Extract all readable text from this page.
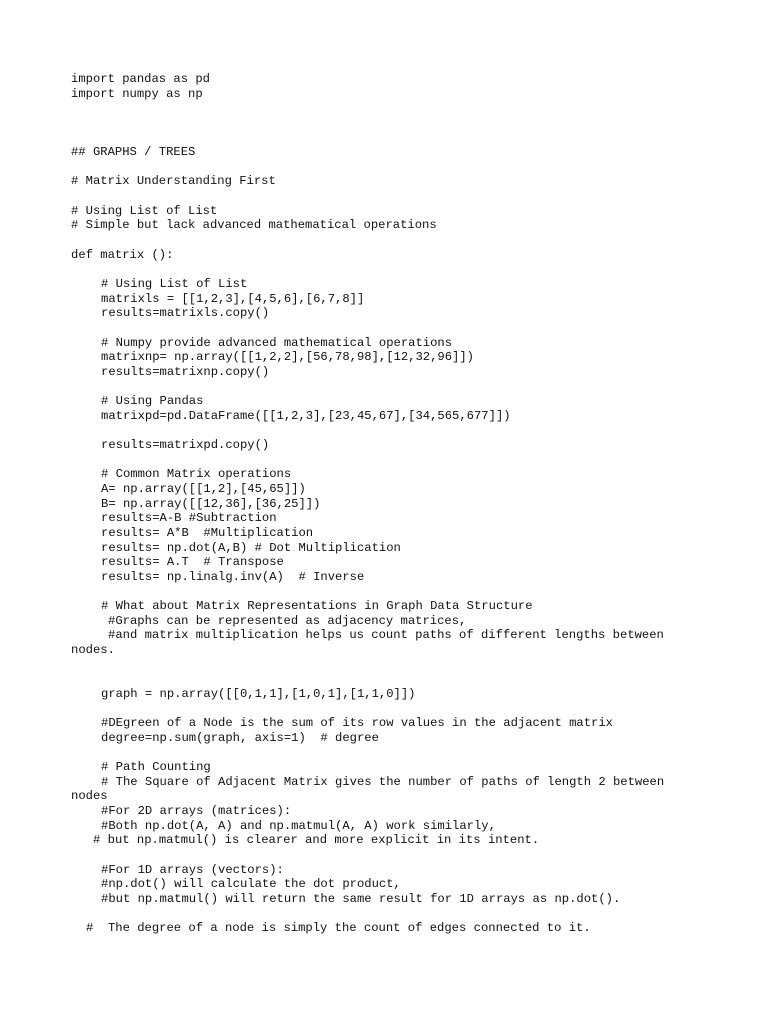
import pandas as pd
import numpy as np
## GRAPHS / TREES
# Matrix Understanding First
# Using List of List
# Simple but lack advanced mathematical operations
def matrix ():
# Using List of List
matrixls = [[1,2,3],[4,5,6],[6,7,8]]
results=matrixls.copy()
# Numpy provide advanced mathematical operations
matrixnp= np.array([[1,2,2],[56,78,98],[12,32,96]])
results=matrixnp.copy()
# Using Pandas
matrixpd=pd.DataFrame([[1,2,3],[23,45,67],[34,565,677]])
results=matrixpd.copy()
# Common Matrix operations
A= np.array([[1,2],[45,65]])
B= np.array([[12,36],[36,25]])
results=A-B #Subtraction
results= A*B  #Multiplication
results= np.dot(A,B) # Dot Multiplication
results= A.T  # Transpose
results= np.linalg.inv(A)  # Inverse
# What about Matrix Representations in Graph Data Structure
#Graphs can be represented as adjacency matrices,
#and matrix multiplication helps us count paths of different lengths between
nodes.
graph = np.array([[0,1,1],[1,0,1],[1,1,0]])
#DEgreen of a Node is the sum of its row values in the adjacent matrix
degree=np.sum(graph, axis=1)  # degree
# Path Counting
# The Square of Adjacent Matrix gives the number of paths of length 2 between
nodes
#For 2D arrays (matrices):
#Both np.dot(A, A) and np.matmul(A, A) work similarly,
# but np.matmul() is clearer and more explicit in its intent.
#For 1D arrays (vectors):
#np.dot() will calculate the dot product,
#but np.matmul() will return the same result for 1D arrays as np.dot().
#  The degree of a node is simply the count of edges connected to it.
